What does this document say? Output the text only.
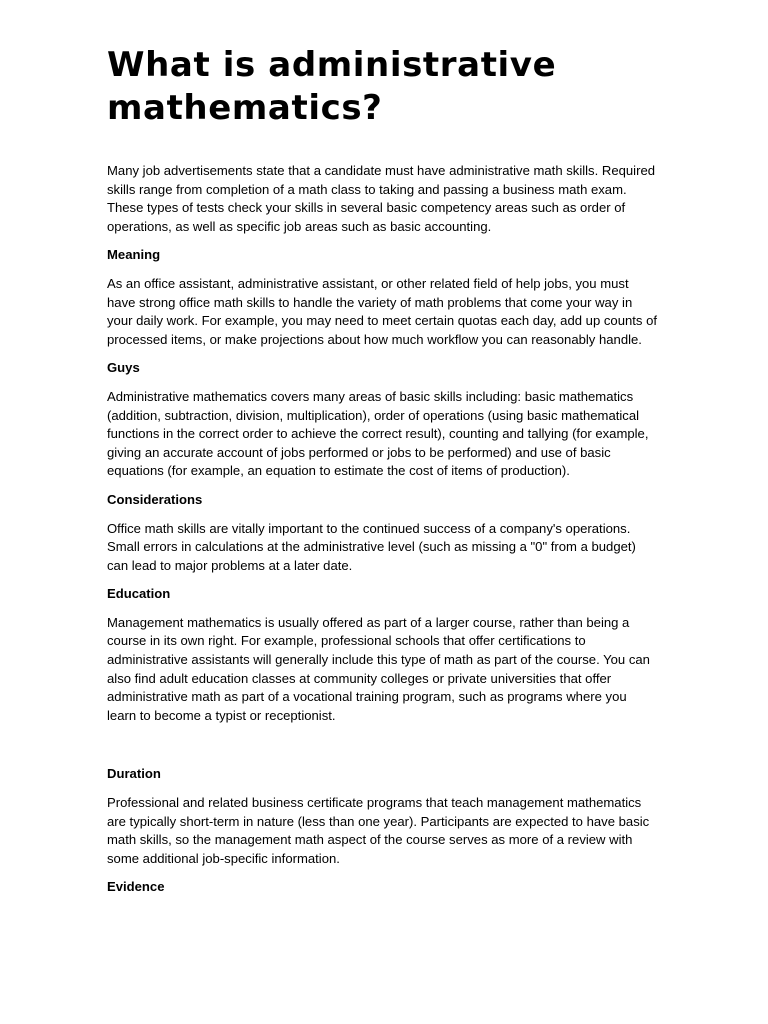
What is administrative mathematics?

Many job advertisements state that a candidate must have administrative math skills. Required skills range from completion of a math class to taking and passing a business math exam. These types of tests check your skills in several basic competency areas such as order of operations, as well as specific job areas such as basic accounting.

Meaning

As an office assistant, administrative assistant, or other related field of help jobs, you must have strong office math skills to handle the variety of math problems that come your way in your daily work. For example, you may need to meet certain quotas each day, add up counts of processed items, or make projections about how much workflow you can reasonably handle.

Guys

Administrative mathematics covers many areas of basic skills including: basic mathematics (addition, subtraction, division, multiplication), order of operations (using basic mathematical functions in the correct order to achieve the correct result), counting and tallying (for example, giving an accurate account of jobs performed or jobs to be performed) and use of basic equations (for example, an equation to estimate the cost of items of production).

Considerations

Office math skills are vitally important to the continued success of a company's operations. Small errors in calculations at the administrative level (such as missing a "0" from a budget) can lead to major problems at a later date.

Education

Management mathematics is usually offered as part of a larger course, rather than being a course in its own right. For example, professional schools that offer certifications to administrative assistants will generally include this type of math as part of the course. You can also find adult education classes at community colleges or private universities that offer administrative math as part of a vocational training program, such as programs where you learn to become a typist or receptionist.

Duration

Professional and related business certificate programs that teach management mathematics are typically short-term in nature (less than one year). Participants are expected to have basic math skills, so the management math aspect of the course serves as more of a review with some additional job-specific information.

Evidence
